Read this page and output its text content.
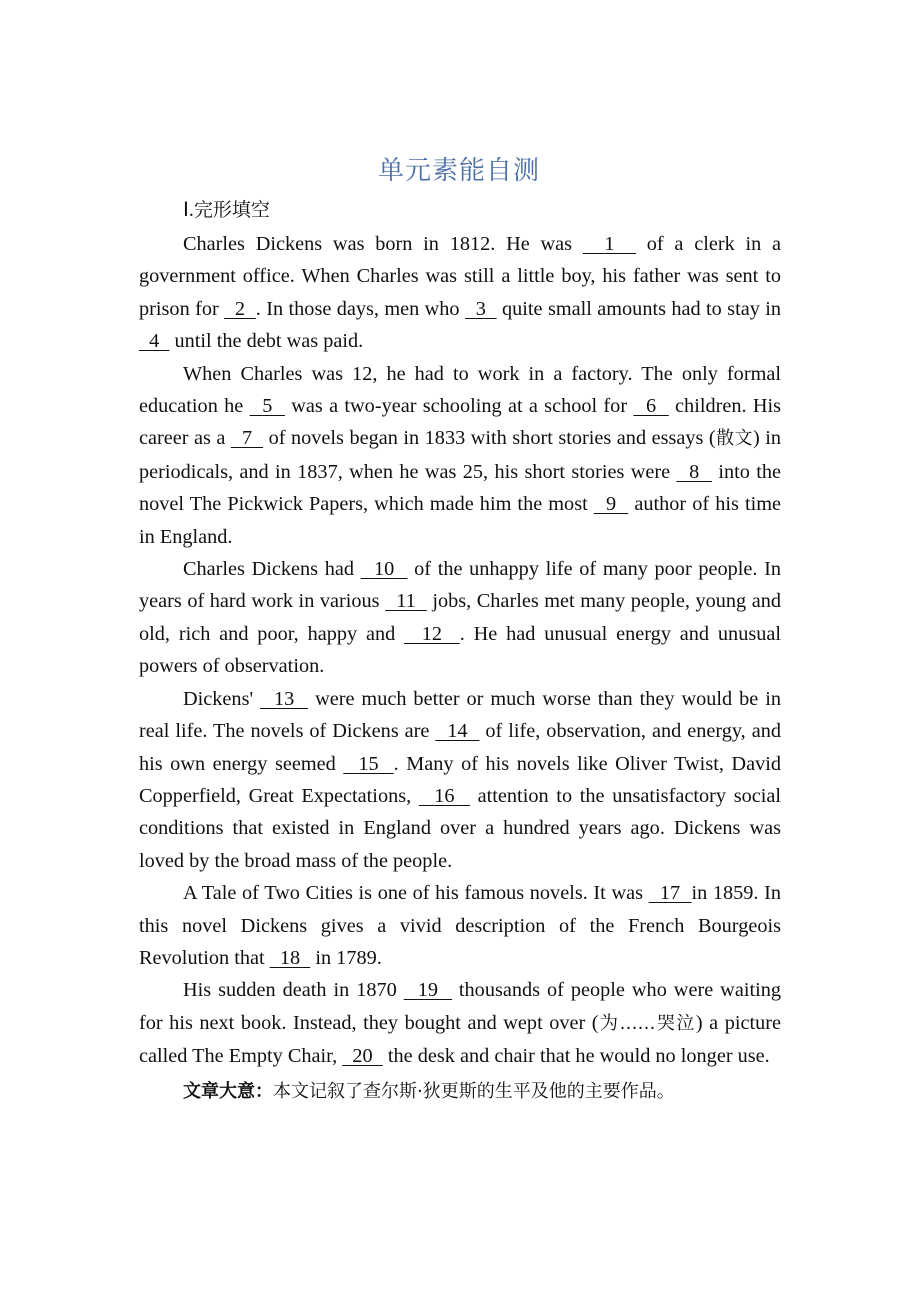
单元素能自测
Ⅰ.完形填空

Charles Dickens was born in 1812. He was   1   of a clerk in a government office. When Charles was still a little boy, his father was sent to prison for   2 . In those days, men who   3   quite small amounts had to stay in   4   until the debt was paid.

When Charles was 12, he had to work in a factory. The only formal education he   5   was a two-year schooling at a school for   6   children. His career as a   7   of novels began in 1833 with short stories and essays (散文) in periodicals, and in 1837, when he was 25, his short stories were   8   into the novel The Pickwick Papers, which made him the most   9   author of his time in England.

Charles Dickens had   10   of the unhappy life of many poor people. In years of hard work in various   11   jobs, Charles met many people, young and old, rich and poor, happy and   12 . He had unusual energy and unusual powers of observation.

Dickens'   13   were much better or much worse than they would be in real life. The novels of Dickens are   14   of life, observation, and energy, and his own energy seemed   15 . Many of his novels like Oliver Twist, David Copperfield, Great Expectations,   16   attention to the unsatisfactory social conditions that existed in England over a hundred years ago. Dickens was loved by the broad mass of the people.

A Tale of Two Cities is one of his famous novels. It was   17 in 1859. In this novel Dickens gives a vivid description of the French Bourgeois Revolution that   18   in 1789.

His sudden death in 1870   19   thousands of people who were waiting for his next book. Instead, they bought and wept over (为……哭泣) a picture called The Empty Chair,   20   the desk and chair that he would no longer use.

文章大意：本文记叙了查尔斯·狄更斯的生平及他的主要作品。
